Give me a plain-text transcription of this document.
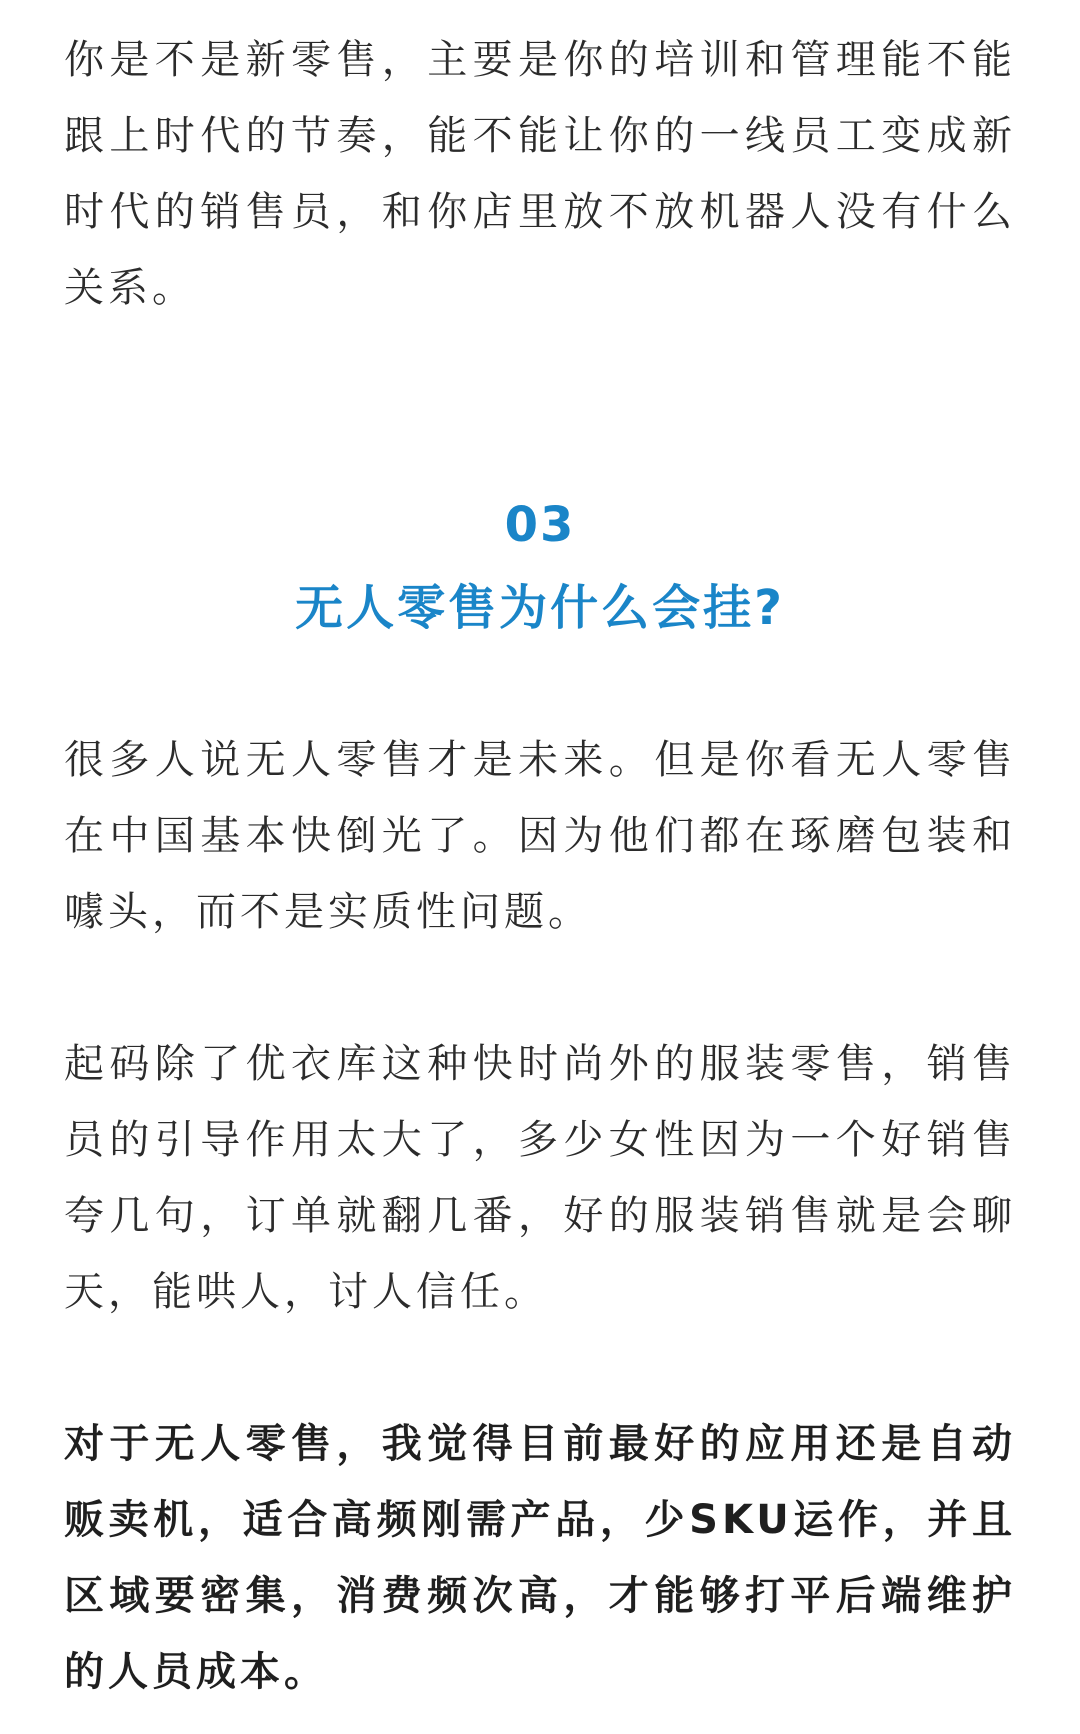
你是不是新零售，主要是你的培训和管理能不能跟上时代的节奏，能不能让你的一线员工变成新时代的销售员，和你店里放不放机器人没有什么关系。

03
无人零售为什么会挂?

很多人说无人零售才是未来。但是你看无人零售在中国基本快倒光了。因为他们都在琢磨包装和噱头，而不是实质性问题。

起码除了优衣库这种快时尚外的服装零售，销售员的引导作用太大了，多少女性因为一个好销售夸几句，订单就翻几番，好的服装销售就是会聊天，能哄人，讨人信任。

对于无人零售，我觉得目前最好的应用还是自动贩卖机，适合高频刚需产品，少SKU运作，并且区域要密集，消费频次高，才能够打平后端维护的人员成本。
